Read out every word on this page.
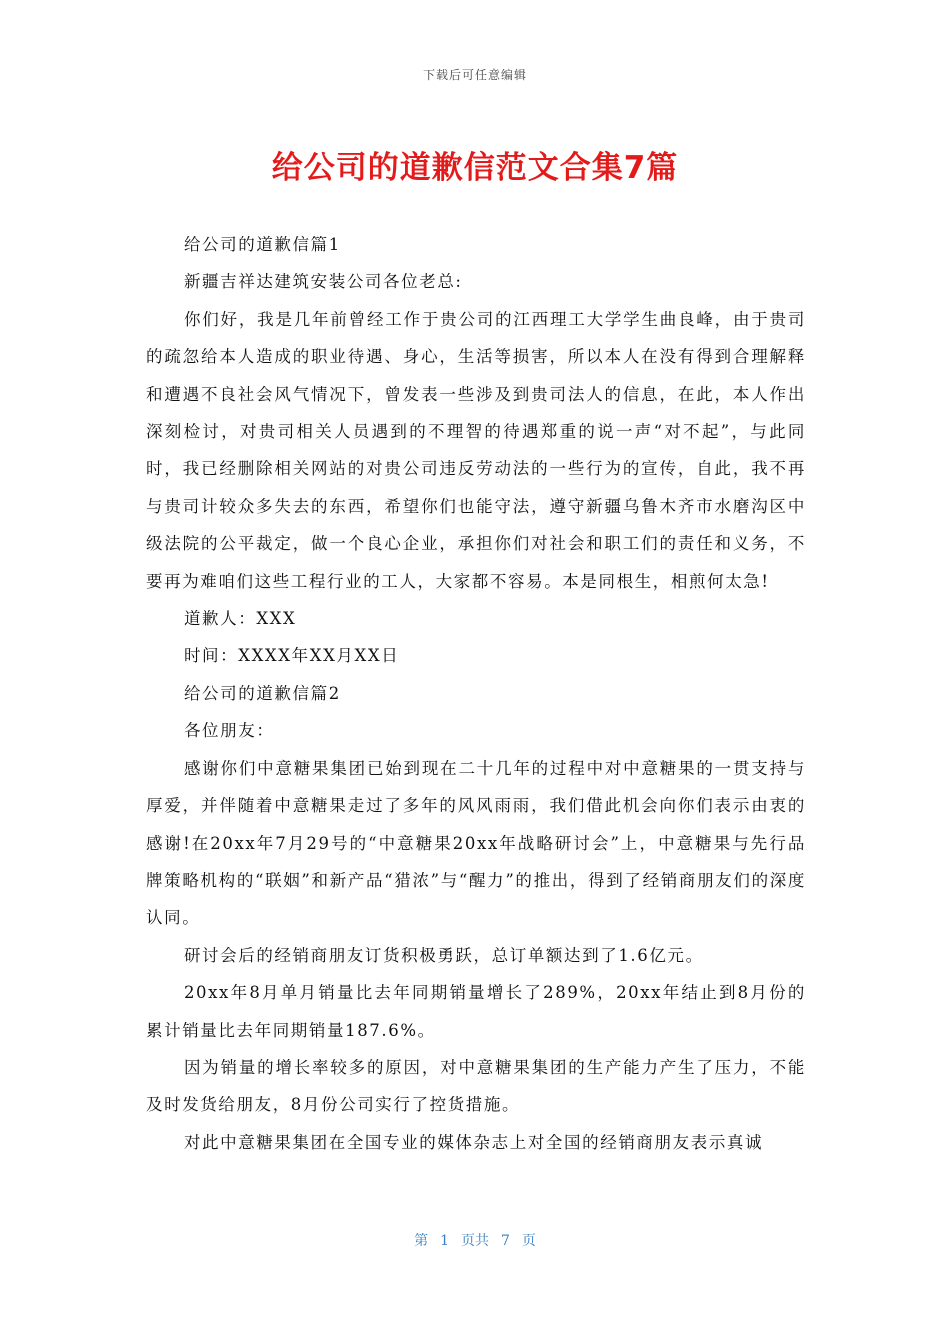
下载后可任意编辑
给公司的道歉信范文合集7篇

给公司的道歉信篇1

新疆吉祥达建筑安装公司各位老总:

你们好，我是几年前曾经工作于贵公司的江西理工大学学生曲良峰，由于贵司的疏忽给本人造成的职业待遇、身心，生活等损害，所以本人在没有得到合理解释和遭遇不良社会风气情况下，曾发表一些涉及到贵司法人的信息，在此，本人作出深刻检讨，对贵司相关人员遇到的不理智的待遇郑重的说一声“对不起”，与此同时，我已经删除相关网站的对贵公司违反劳动法的一些行为的宣传，自此，我不再与贵司计较众多失去的东西，希望你们也能守法，遵守新疆乌鲁木齐市水磨沟区中级法院的公平裁定，做一个良心企业，承担你们对社会和职工们的责任和义务，不要再为难咱们这些工程行业的工人，大家都不容易。本是同根生，相煎何太急!

道歉人：XXX

时间：XXXX年XX月XX日

给公司的道歉信篇2

各位朋友：

感谢你们中意糖果集团已始到现在二十几年的过程中对中意糖果的一贯支持与厚爱，并伴随着中意糖果走过了多年的风风雨雨，我们借此机会向你们表示由衷的感谢!在20xx年7月29号的“中意糖果20xx年战略研讨会”上，中意糖果与先行品牌策略机构的“联姻”和新产品“猎浓”与“醒力”的推出，得到了经销商朋友们的深度认同。

研讨会后的经销商朋友订货积极勇跃，总订单额达到了1.6亿元。

20xx年8月单月销量比去年同期销量增长了289%，20xx年结止到8月份的累计销量比去年同期销量187.6%。

因为销量的增长率较多的原因，对中意糖果集团的生产能力产生了压力，不能及时发货给朋友，8月份公司实行了控货措施。

对此中意糖果集团在全国专业的媒体杂志上对全国的经销商朋友表示真诚

第 1 页共 7 页
